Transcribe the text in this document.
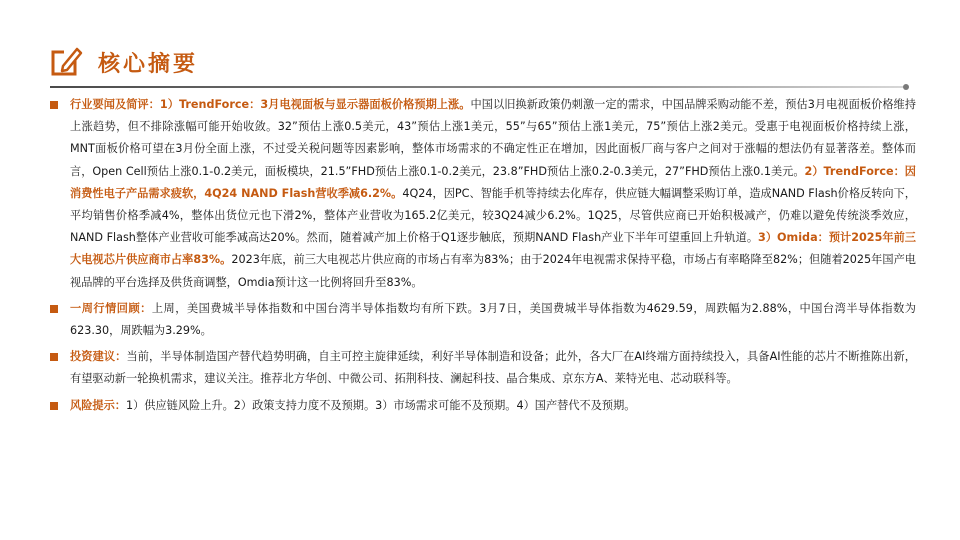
核心摘要
行业要闻及简评：1）TrendForce：3月电视面板与显示器面板价格预期上涨。中国以旧换新政策仍刺激一定的需求，中国品牌采购动能不差，预估3月电视面板价格维持上涨趋势，但不排除涨幅可能开始收敛。32”预估上涨0.5美元，43”预估上涨1美元，55”与65”预估上涨1美元，75”预估上涨2美元。受惠于电视面板价格持续上涨，MNT面板价格可望在3月份全面上涨，不过受关税问题等因素影响，整体市场需求的不确定性正在增加，因此面板厂商与客户之间对于涨幅的想法仍有显著落差。整体而言，Open Cell预估上涨0.1-0.2美元，面板模块，21.5”FHD预估上涨0.1-0.2美元，23.8”FHD预估上涨0.2-0.3美元，27”FHD预估上涨0.1美元。2）TrendForce：因消费性电子产品需求疲软，4Q24 NAND Flash营收季减6.2%。4Q24，因PC、智能手机等持续去化库存，供应链大幅调整采购订单，造成NAND Flash价格反转向下，平均销售价格季减4%，整体出货位元也下滑2%，整体产业营收为165.2亿美元，较3Q24减少6.2%。1Q25，尽管供应商已开始积极减产，仍难以避免传统淡季效应，NAND Flash整体产业营收可能季减高达20%。然而，随着减产加上价格于Q1逐步触底，预期NAND Flash产业下半年可望重回上升轨道。3）Omida：预计2025年前三大电视芯片供应商市占率83%。2023年底，前三大电视芯片供应商的市场占有率为83%；由于2024年电视需求保持平稳，市场占有率略降至82%；但随着2025年国产电视品牌的平台选择及供货商调整，Omdia预计这一比例将回升至83%。
一周行情回顾：上周，美国费城半导体指数和中国台湾半导体指数均有所下跌。3月7日，美国费城半导体指数为4629.59，周跌幅为2.88%，中国台湾半导体指数为623.30，周跌幅为3.29%。
投资建议：当前，半导体制造国产替代趋势明确，自主可控主旋律延续，利好半导体制造和设备；此外，各大厂在AI终端方面持续投入，具备AI性能的芯片不断推陈出新，有望驱动新一轮换机需求，建议关注。推荐北方华创、中微公司、拓荆科技、澜起科技、晶合集成、京东方A、莱特光电、芯动联科等。
风险提示：1）供应链风险上升。2）政策支持力度不及预期。3）市场需求可能不及预期。4）国产替代不及预期。
